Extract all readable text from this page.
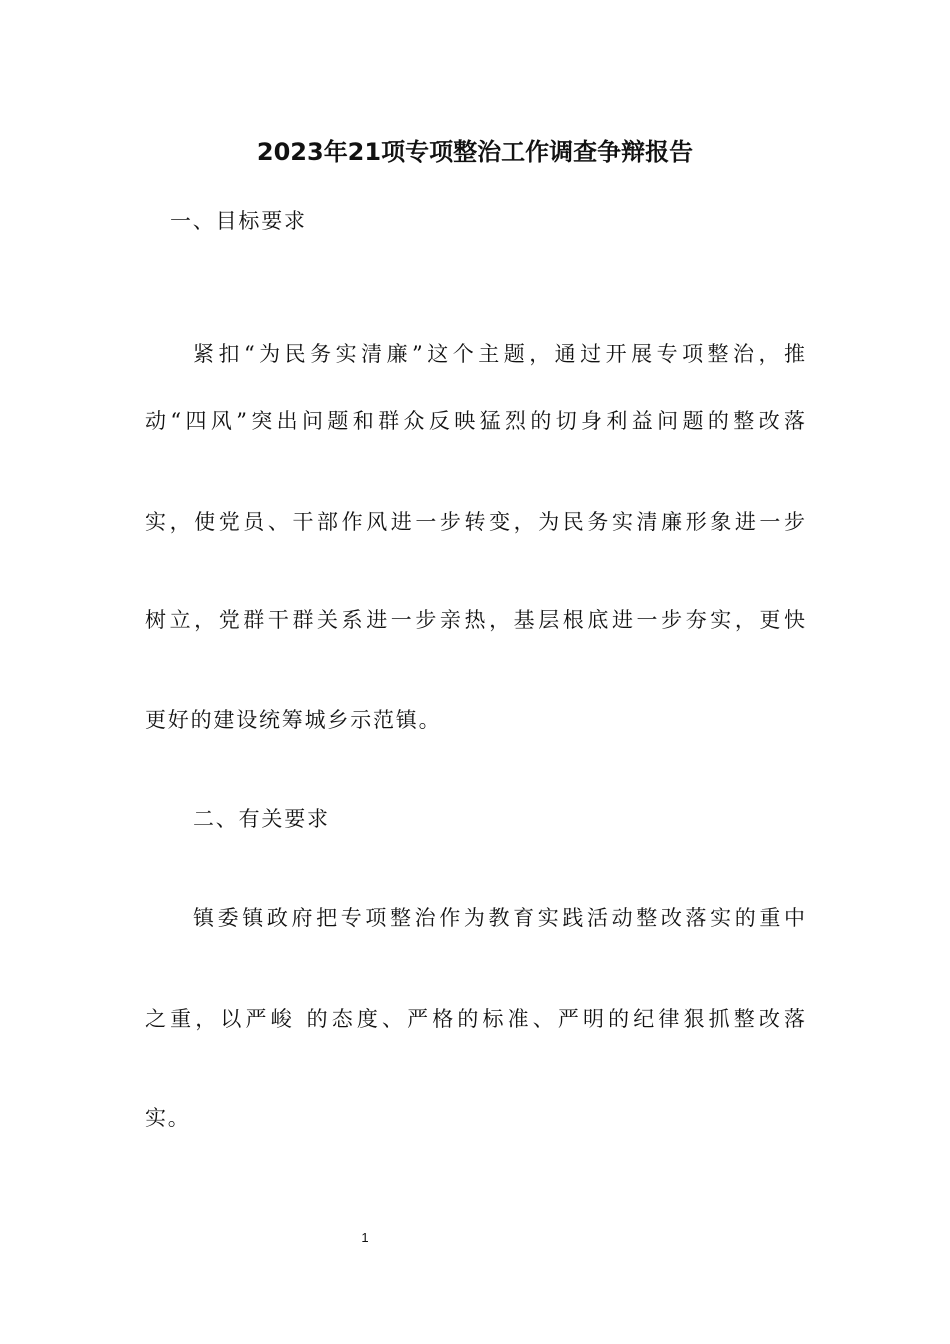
2023年21项专项整治工作调查争辩报告
一、目标要求
紧扣“为民务实清廉”这个主题，通过开展专项整治，推
动“四风”突出问题和群众反映猛烈的切身利益问题的整改落
实，使党员、干部作风进一步转变，为民务实清廉形象进一步
树立，党群干群关系进一步亲热，基层根底进一步夯实，更快
更好的建设统筹城乡示范镇。
二、有关要求
镇委镇政府把专项整治作为教育实践活动整改落实的重中
之重，以严峻 的态度、严格的标准、严明的纪律狠抓整改落
实。
1
